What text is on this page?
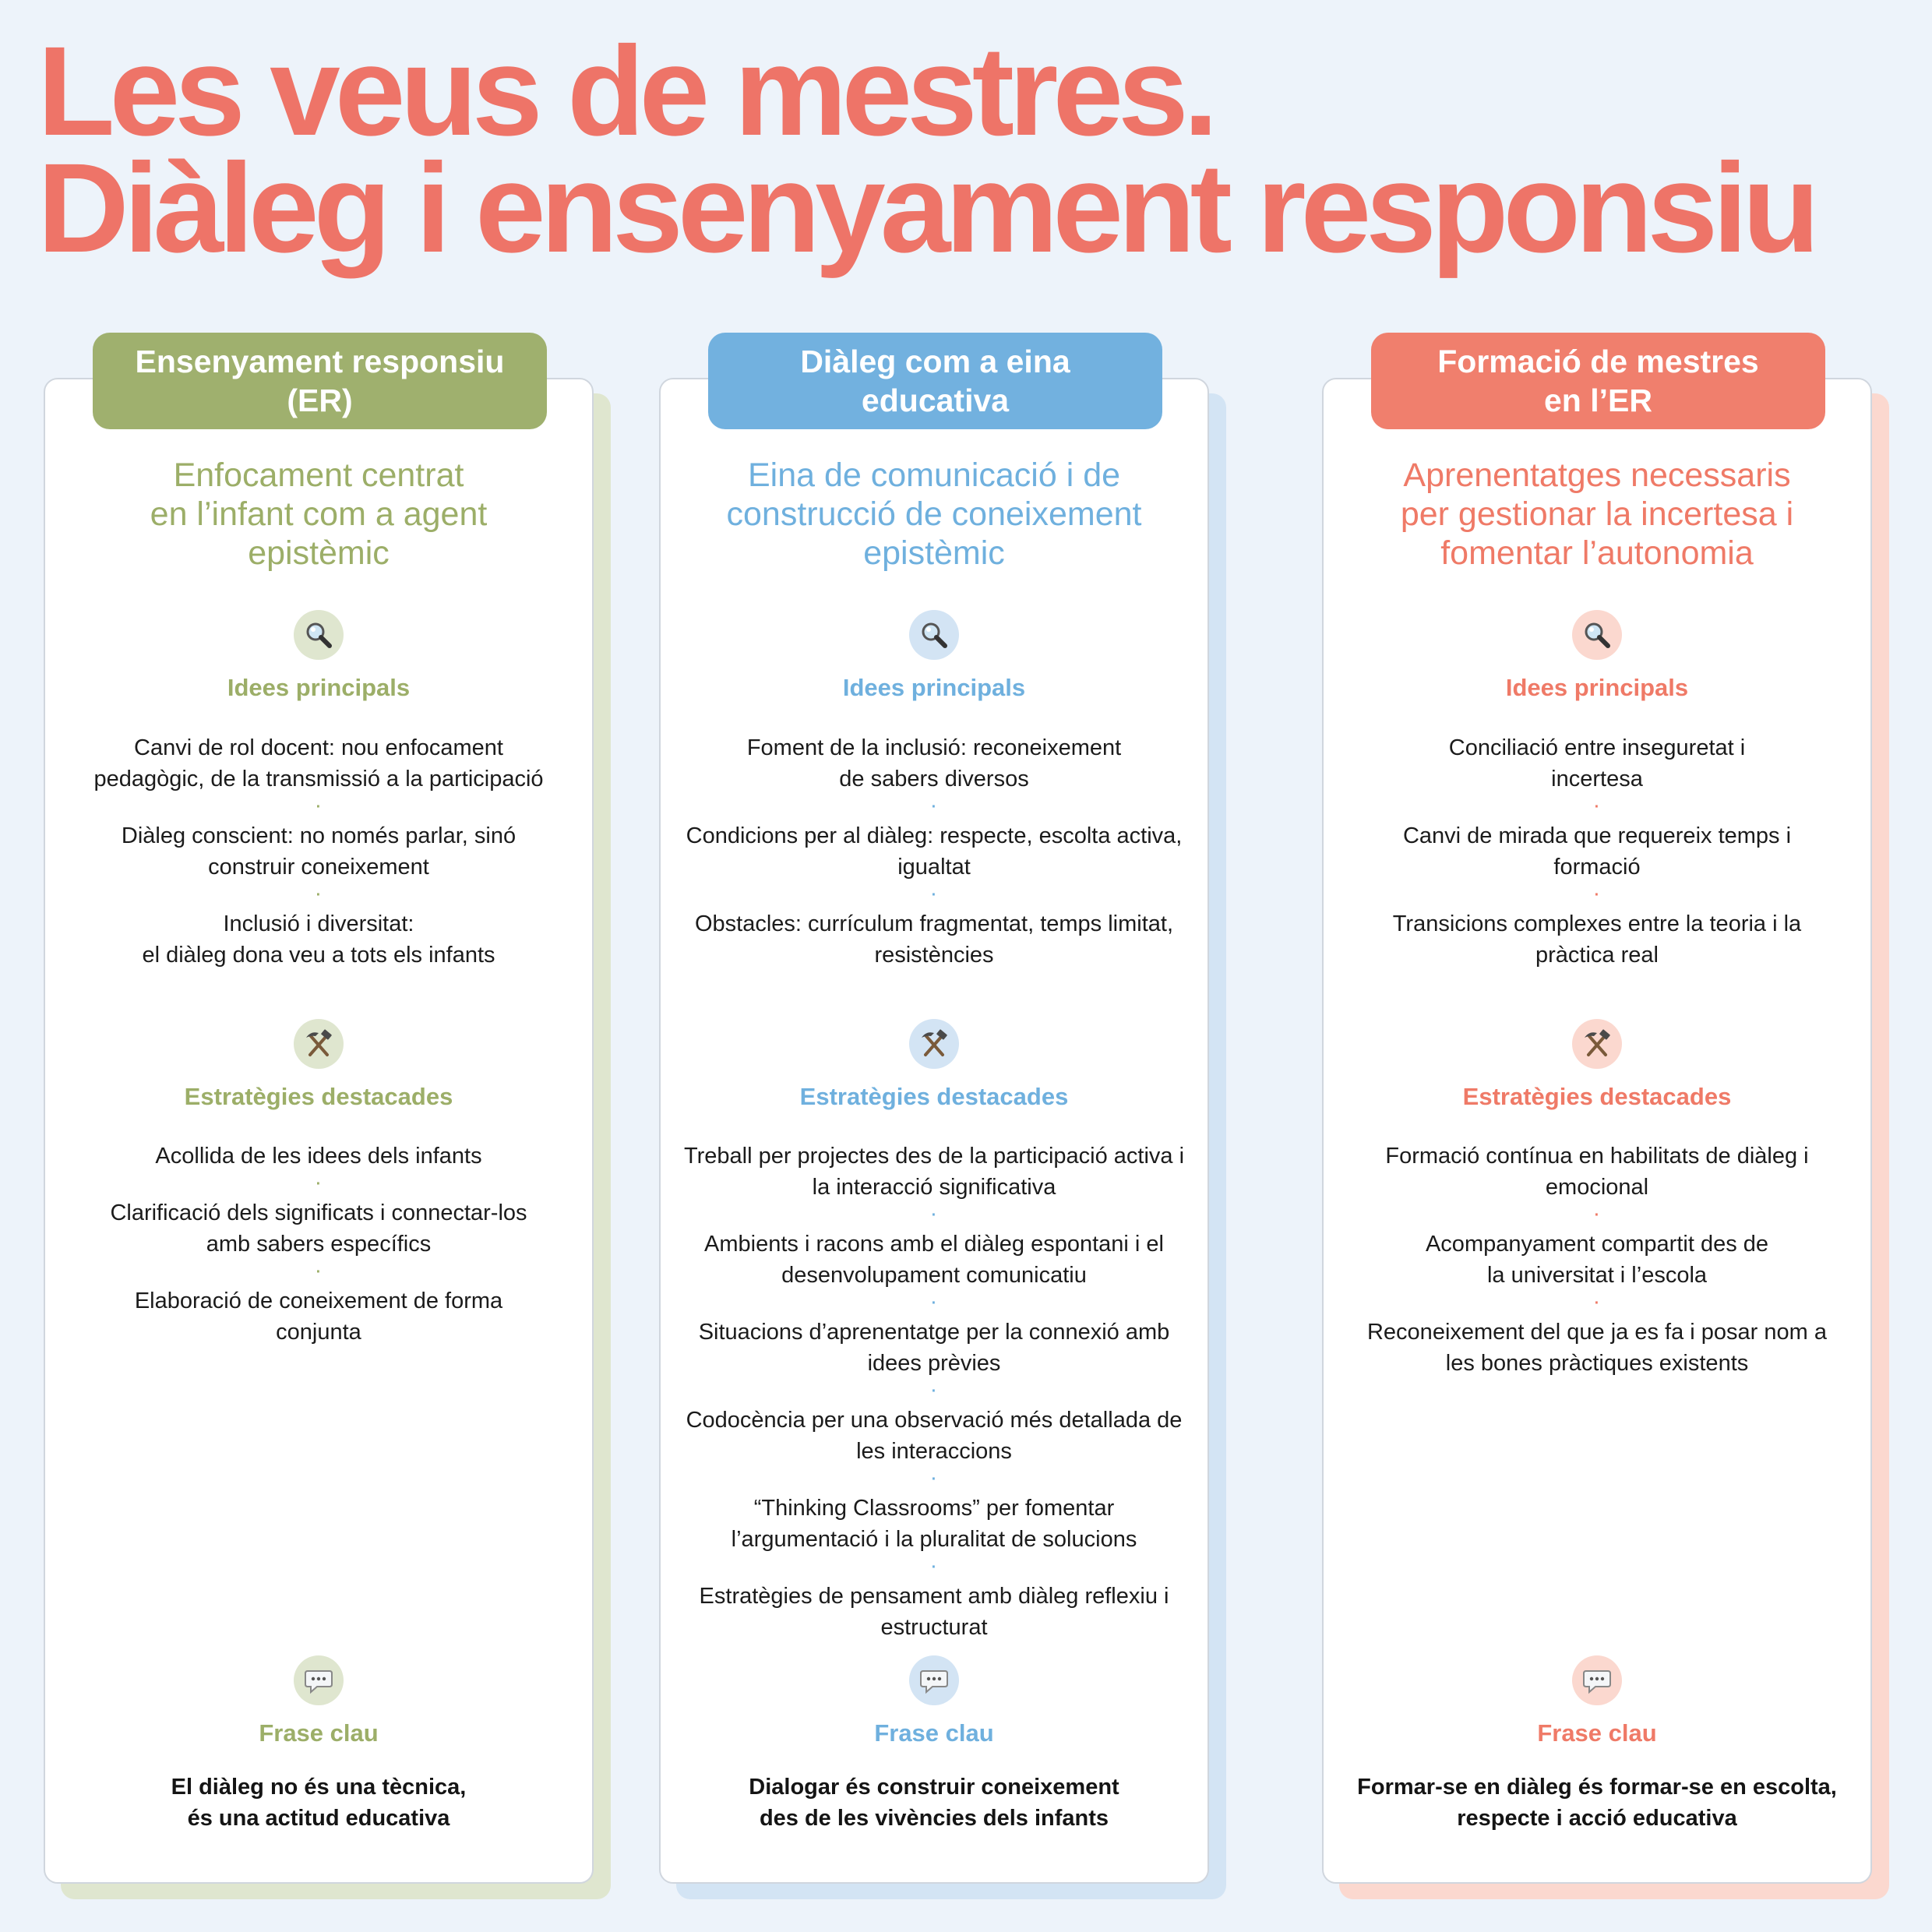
Les veus de mestres.
Diàleg i ensenyament responsiu
Ensenyament responsiu
(ER)
Enfocament centrat
en l’infant com a agent
epistèmic
Idees principals
Canvi de rol docent: nou enfocament
pedagògic, de la transmissió a la participació
·
Diàleg conscient: no només parlar, sinó
construir coneixement
·
Inclusió i diversitat:
el diàleg dona veu a tots els infants
Estratègies destacades
Acollida de les idees dels infants
·
Clarificació dels significats i connectar-los
amb sabers específics
·
Elaboració de coneixement de forma
conjunta
Frase clau
El diàleg no és una tècnica,
és una actitud educativa
Diàleg com a eina
educativa
Eina de comunicació i de
construcció de coneixement
epistèmic
Idees principals
Foment de la inclusió: reconeixement
de sabers diversos
·
Condicions per al diàleg: respecte, escolta activa,
igualtat
·
Obstacles: currículum fragmentat, temps limitat,
resistències
Estratègies destacades
Treball per projectes des de la participació activa i
la interacció significativa
·
Ambients i racons amb el diàleg espontani i el
desenvolupament comunicatiu
·
Situacions d’aprenentatge per la connexió amb
idees prèvies
·
Codocència per una observació més detallada de
les interaccions
·
“Thinking Classrooms” per fomentar
l’argumentació i la pluralitat de solucions
·
Estratègies de pensament amb diàleg reflexiu i
estructurat
Frase clau
Dialogar és construir coneixement
des de les vivències dels infants
Formació de mestres
en l’ER
Aprenentatges necessaris
per gestionar la incertesa i
fomentar l’autonomia
Idees principals
Conciliació entre inseguretat i
incertesa
·
Canvi de mirada que requereix temps i
formació
·
Transicions complexes entre la teoria i la
pràctica real
Estratègies destacades
Formació contínua en habilitats de diàleg i
emocional
·
Acompanyament compartit des de
la universitat i l’escola
·
Reconeixement del que ja es fa i posar nom a
les bones pràctiques existents
Frase clau
Formar-se en diàleg és formar-se en escolta,
respecte i acció educativa
